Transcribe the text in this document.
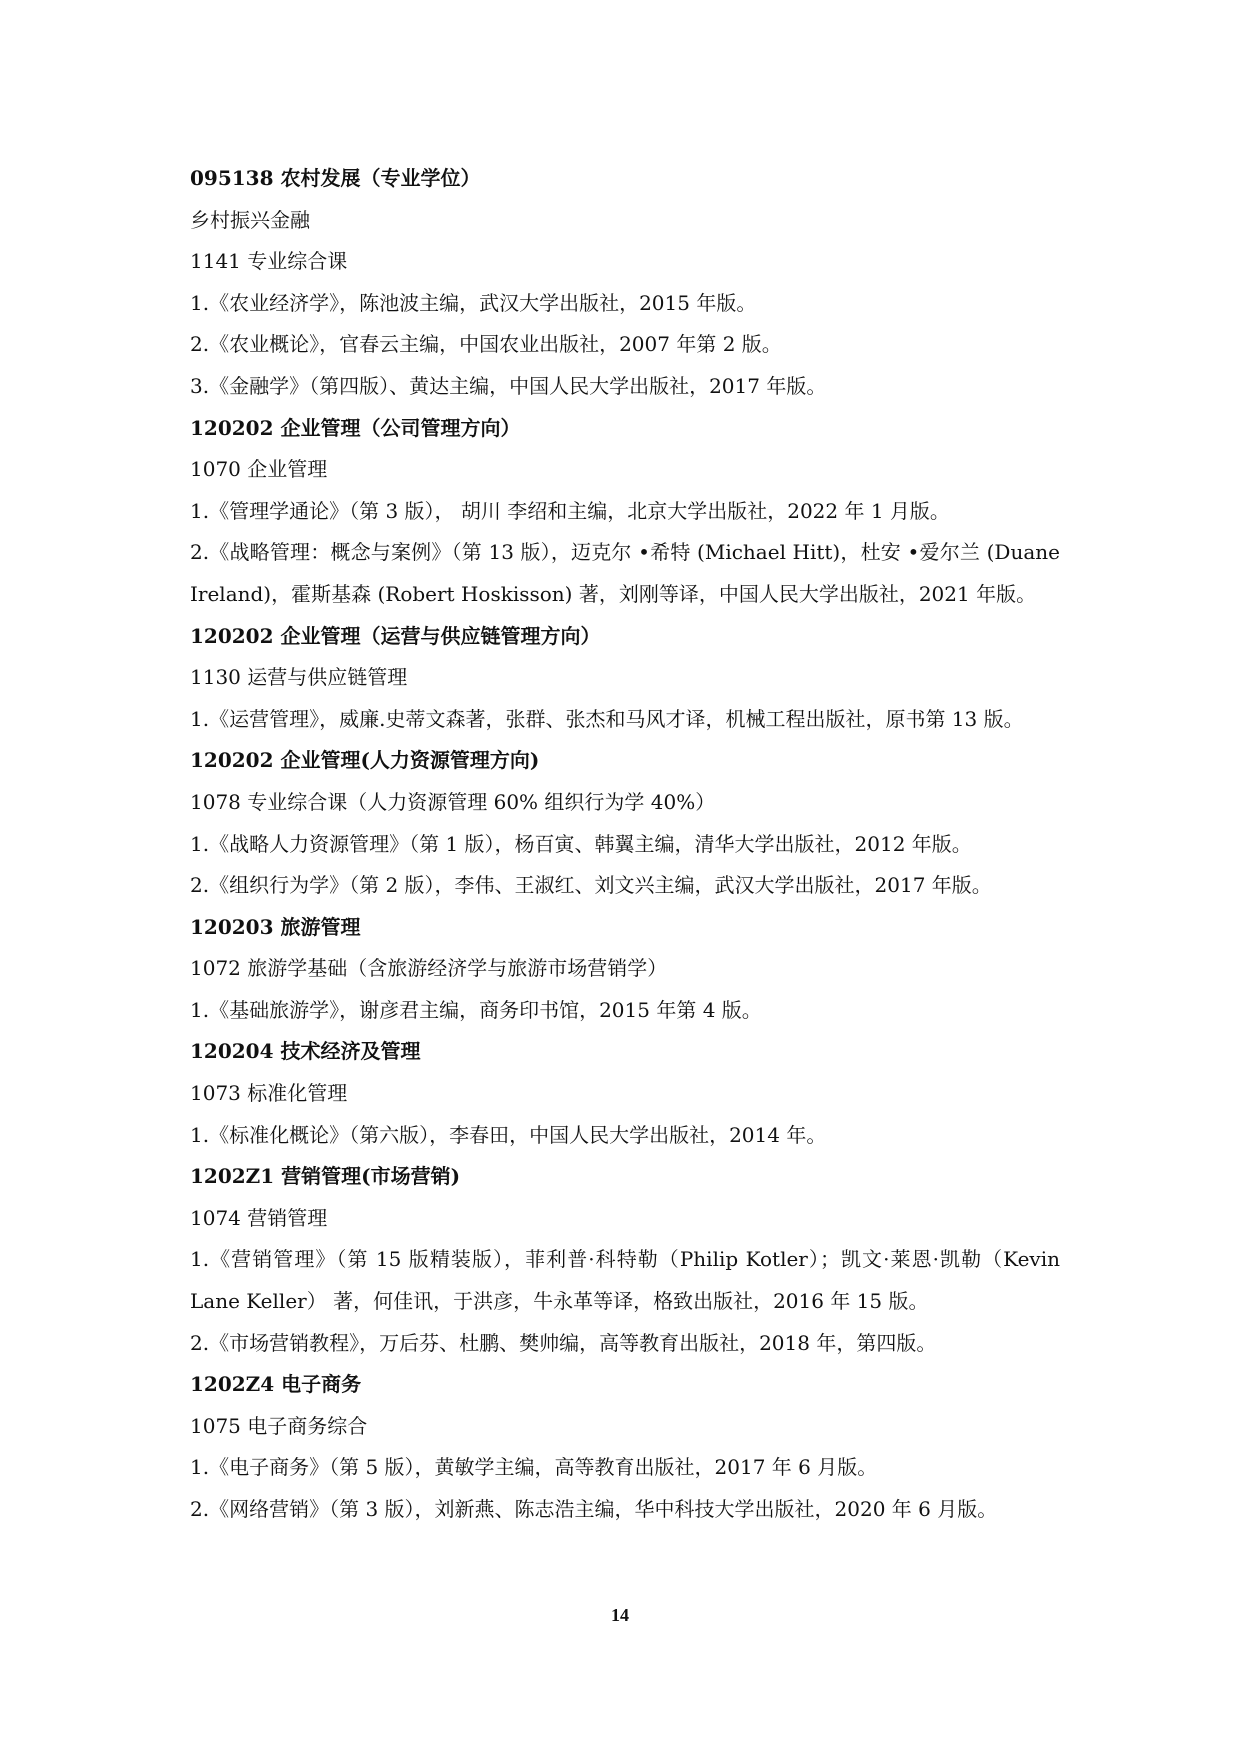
095138 农村发展（专业学位）
乡村振兴金融
1141 专业综合课
1.《农业经济学》，陈池波主编，武汉大学出版社，2015 年版。
2.《农业概论》，官春云主编，中国农业出版社，2007 年第 2 版。
3.《金融学》（第四版）、黄达主编，中国人民大学出版社，2017 年版。
120202 企业管理（公司管理方向）
1070 企业管理
1.《管理学通论》（第 3 版）， 胡川 李绍和主编，北京大学出版社，2022 年 1 月版。
2.《战略管理：概念与案例》（第 13 版），迈克尔 •希特 (Michael Hitt)，杜安 •爱尔兰 (Duane Ireland)，霍斯基森 (Robert Hoskisson) 著，刘刚等译，中国人民大学出版社，2021 年版。
120202 企业管理（运营与供应链管理方向）
1130 运营与供应链管理
1.《运营管理》，威廉.史蒂文森著，张群、张杰和马风才译，机械工程出版社，原书第 13 版。
120202 企业管理(人力资源管理方向)
1078 专业综合课（人力资源管理 60% 组织行为学 40%）
1.《战略人力资源管理》（第 1 版），杨百寅、韩翼主编，清华大学出版社，2012 年版。
2.《组织行为学》（第 2 版），李伟、王淑红、刘文兴主编，武汉大学出版社，2017 年版。
120203 旅游管理
1072 旅游学基础（含旅游经济学与旅游市场营销学）
1.《基础旅游学》，谢彦君主编，商务印书馆，2015 年第 4 版。
120204 技术经济及管理
1073 标准化管理
1.《标准化概论》（第六版），李春田，中国人民大学出版社，2014 年。
1202Z1 营销管理(市场营销)
1074 营销管理
1.《营销管理》（第 15 版精装版），菲利普·科特勒（Philip Kotler）；凯文·莱恩·凯勒（Kevin Lane Keller） 著，何佳讯，于洪彦，牛永革等译，格致出版社，2016 年 15 版。
2.《市场营销教程》，万后芬、杜鹏、樊帅编，高等教育出版社，2018 年，第四版。
1202Z4 电子商务
1075 电子商务综合
1.《电子商务》（第 5 版），黄敏学主编，高等教育出版社，2017 年 6 月版。
2.《网络营销》（第 3 版），刘新燕、陈志浩主编，华中科技大学出版社，2020 年 6 月版。
14
